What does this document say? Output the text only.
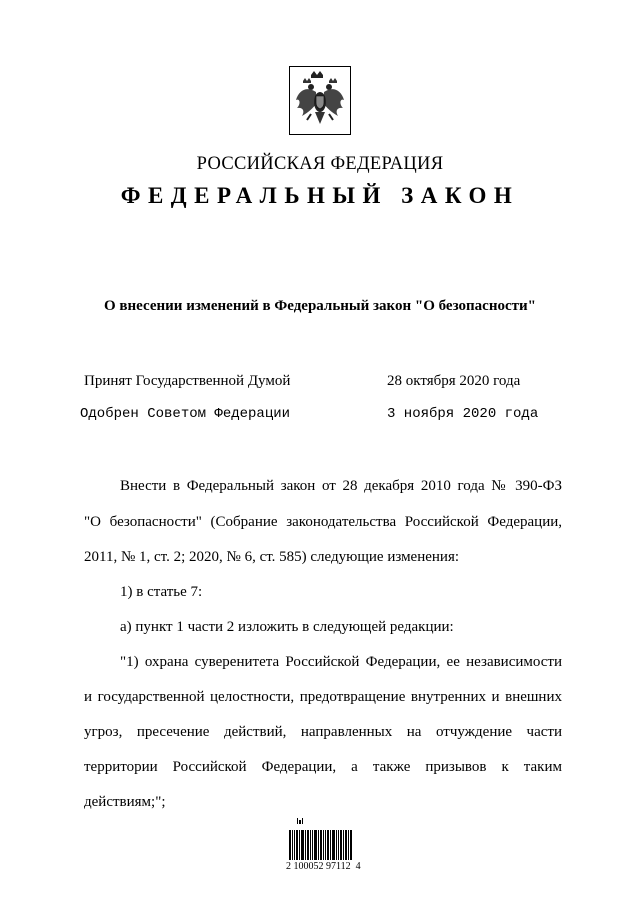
РОССИЙСКАЯ ФЕДЕРАЦИЯ
ФЕДЕРАЛЬНЫЙ ЗАКОН
О внесении изменений в Федеральный закон "О безопасности"
Принят Государственной Думой	28 октября 2020 года
Одобрен Советом Федерации	3 ноября 2020 года
Внести в Федеральный закон от 28 декабря 2010 года № 390-ФЗ
"О безопасности" (Собрание законодательства Российской Федерации,
2011, № 1, ст. 2; 2020, № 6, ст. 585) следующие изменения:
1) в статье 7:
а) пункт 1 части 2 изложить в следующей редакции:
"1) охрана суверенитета Российской Федерации, ее независимости
и государственной целостности, предотвращение внутренних и внешних
угроз, пресечение действий, направленных на отчуждение части
территории Российской Федерации, а также призывов к таким
действиям;";
2 100052 97112  4
